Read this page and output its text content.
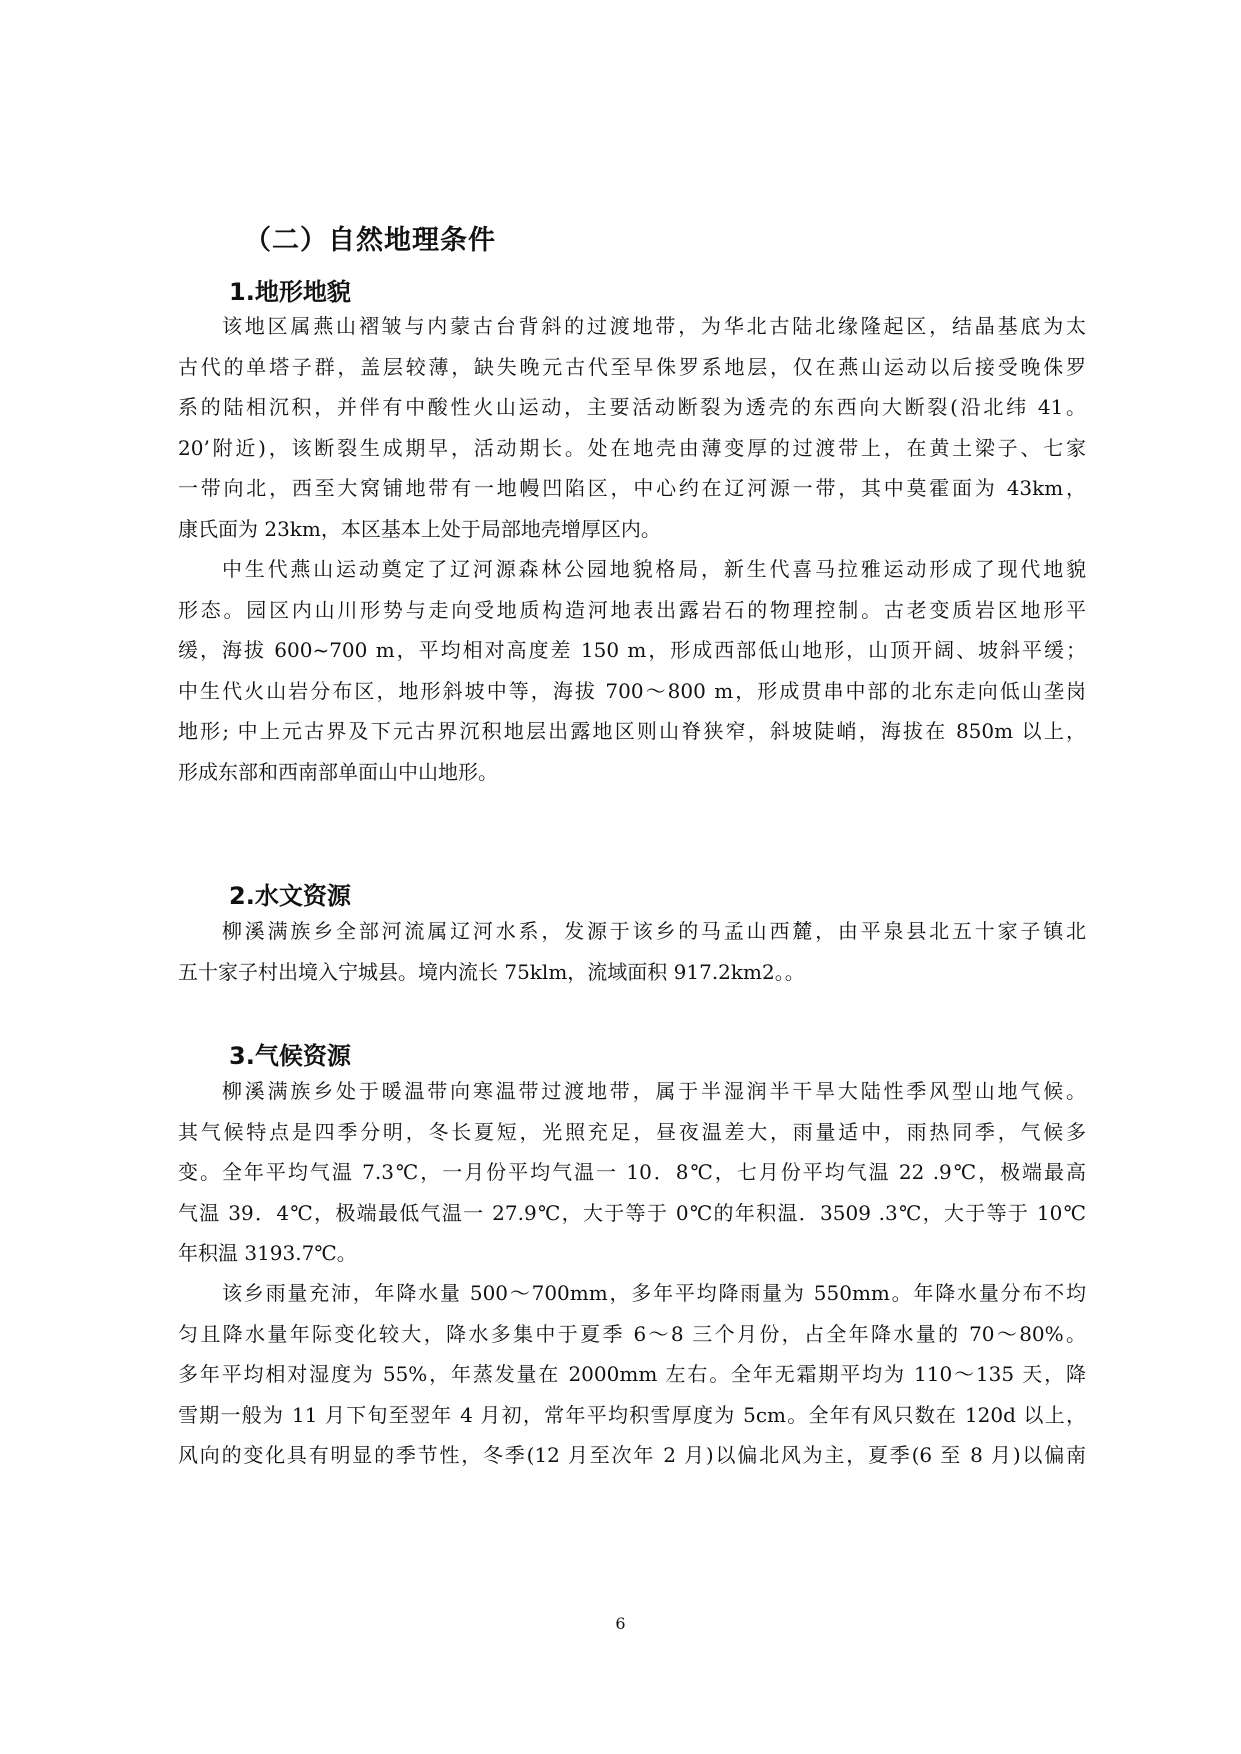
（二）自然地理条件
1.地形地貌

该地区属燕山褶皱与内蒙古台背斜的过渡地带，为华北古陆北缘隆起区，结晶基底为太
古代的单塔子群，盖层较薄，缺失晚元古代至早侏罗系地层，仅在燕山运动以后接受晚侏罗
系的陆相沉积，并伴有中酸性火山运动，主要活动断裂为透壳的东西向大断裂(沿北纬 41。
20’附近)，该断裂生成期早，活动期长。处在地壳由薄变厚的过渡带上，在黄土梁子、七家
一带向北，西至大窝铺地带有一地幔凹陷区，中心约在辽河源一带，其中莫霍面为 43km，
康氏面为 23km，本区基本上处于局部地壳增厚区内。

中生代燕山运动奠定了辽河源森林公园地貌格局，新生代喜马拉雅运动形成了现代地貌
形态。园区内山川形势与走向受地质构造河地表出露岩石的物理控制。古老变质岩区地形平
缓，海拔 600~700 m，平均相对高度差 150 m，形成西部低山地形，山顶开阔、坡斜平缓；
中生代火山岩分布区，地形斜坡中等，海拔 700～800 m，形成贯串中部的北东走向低山垄岗
地形; 中上元古界及下元古界沉积地层出露地区则山脊狭窄，斜坡陡峭，海拔在 850m 以上，
形成东部和西南部单面山中山地形。

2.水文资源

柳溪满族乡全部河流属辽河水系，发源于该乡的马孟山西麓，由平泉县北五十家子镇北
五十家子村出境入宁城县。境内流长 75klm，流域面积 917.2km2。。

3.气候资源

柳溪满族乡处于暖温带向寒温带过渡地带，属于半湿润半干旱大陆性季风型山地气候。
其气候特点是四季分明，冬长夏短，光照充足，昼夜温差大，雨量适中，雨热同季，气候多
变。全年平均气温 7.3℃，一月份平均气温一 10．8℃，七月份平均气温 22 .9℃，极端最高
气温 39．4℃，极端最低气温一 27.9℃，大于等于 0℃的年积温．3509 .3℃，大于等于 10℃
年积温 3193.7℃。

该乡雨量充沛，年降水量 500～700mm，多年平均降雨量为 550mm。年降水量分布不均
匀且降水量年际变化较大，降水多集中于夏季 6～8 三个月份，占全年降水量的 70～80%。
多年平均相对湿度为 55%，年蒸发量在 2000mm 左右。全年无霜期平均为 110～135 天，降
雪期一般为 11 月下旬至翌年 4 月初，常年平均积雪厚度为 5cm。全年有风只数在 120d 以上，
风向的变化具有明显的季节性，冬季(12 月至次年 2 月)以偏北风为主，夏季(6 至 8 月)以偏南

6
